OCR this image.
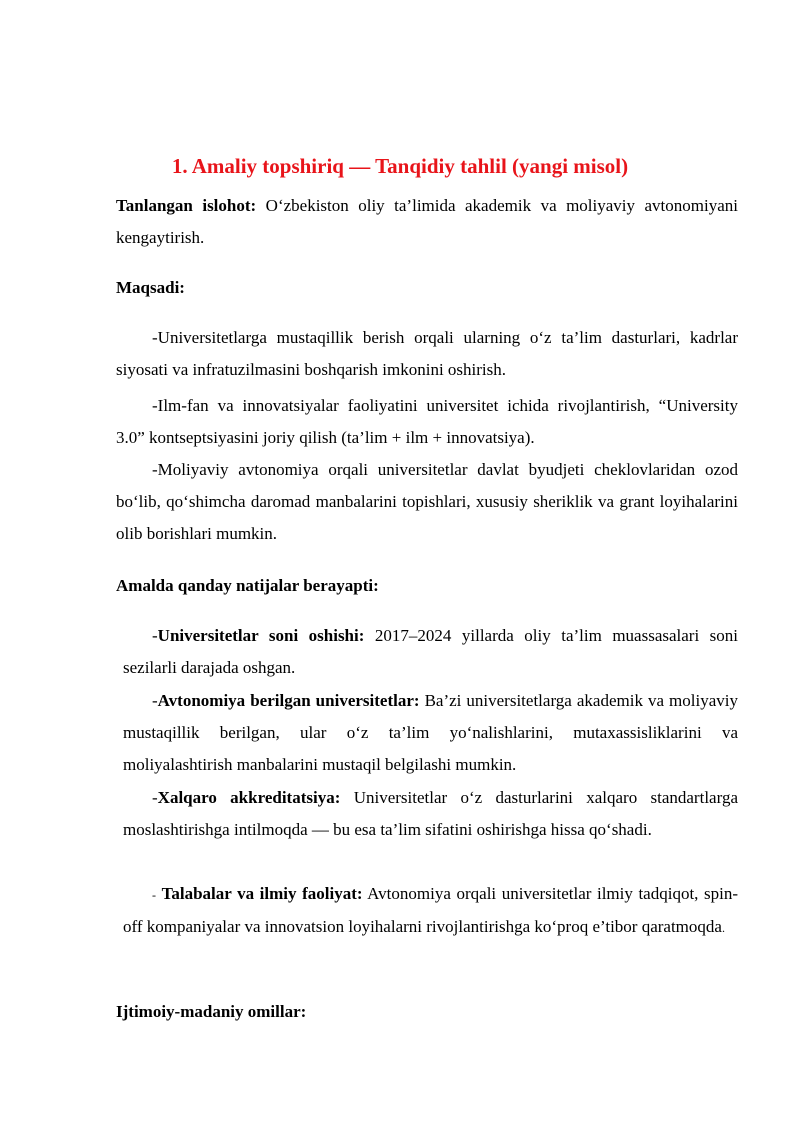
1. Amaliy topshiriq — Tanqidiy tahlil (yangi misol)

Tanlangan islohot: O‘zbekiston oliy ta’limida akademik va moliyaviy avtonomiyani kengaytirish.

Maqsadi:

-Universitetlarga mustaqillik berish orqali ularning o‘z ta’lim dasturlari, kadrlar siyosati va infratuzilmasini boshqarish imkonini oshirish.

-Ilm-fan va innovatsiyalar faoliyatini universitet ichida rivojlantirish, “University 3.0” kontseptsiyasini joriy qilish (ta’lim + ilm + innovatsiya).

-Moliyaviy avtonomiya orqali universitetlar davlat byudjeti cheklovlaridan ozod bo‘lib, qo‘shimcha daromad manbalarini topishlari, xususiy sheriklik va grant loyihalarini olib borishlari mumkin.

Amalda qanday natijalar berayapti:

-Universitetlar soni oshishi: 2017–2024 yillarda oliy ta’lim muassasalari soni sezilarli darajada oshgan.

-Avtonomiya berilgan universitetlar: Ba’zi universitetlarga akademik va moliyaviy mustaqillik berilgan, ular o‘z ta’lim yo‘nalishlarini, mutaxassisliklarini va moliyalashtirish manbalarini mustaqil belgilashi mumkin.

-Xalqaro akkreditatsiya: Universitetlar o‘z dasturlarini xalqaro standartlarga moslashtirishga intilmoqda — bu esa ta’lim sifatini oshirishga hissa qo‘shadi.

- Talabalar va ilmiy faoliyat: Avtonomiya orqali universitetlar ilmiy tadqiqot, spin-off kompaniyalar va innovatsion loyihalarni rivojlantirishga ko‘proq e’tibor qaratmoqda.

Ijtimoiy-madaniy omillar:
